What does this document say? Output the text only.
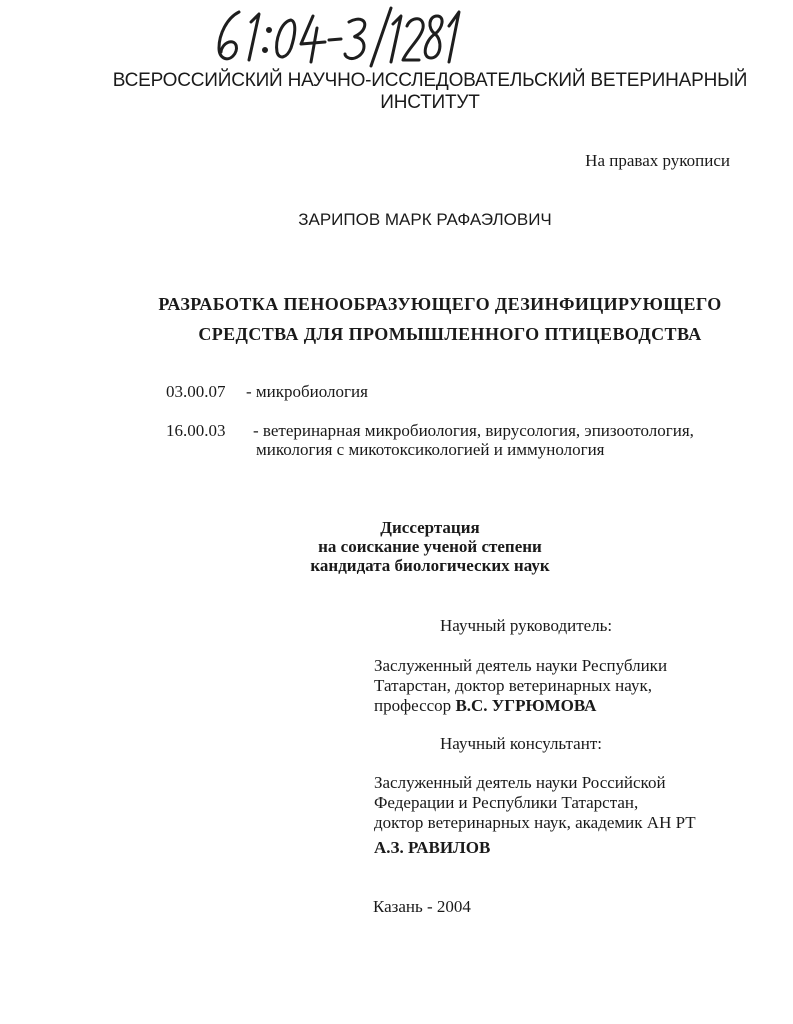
ВСЕРОССИЙСКИЙ НАУЧНО-ИССЛЕДОВАТЕЛЬСКИЙ ВЕТЕРИНАРНЫЙ ИНСТИТУТ
На правах рукописи
ЗАРИПОВ МАРК РАФАЭЛОВИЧ
РАЗРАБОТКА ПЕНООБРАЗУЮЩЕГО ДЕЗИНФИЦИРУЮЩЕГО
СРЕДСТВА ДЛЯ ПРОМЫШЛЕННОГО ПТИЦЕВОДСТВА
03.00.07 - микробиология
16.00.03 - ветеринарная микробиология, вирусология, эпизоотология,
микология с микотоксикологией и иммунология
Диссертация
на соискание ученой степени
кандидата биологических наук
Научный руководитель:
Заслуженный деятель науки Республики
Татарстан, доктор ветеринарных наук,
профессор В.С. УГРЮМОВА
Научный консультант:
Заслуженный деятель науки Российской
Федерации и Республики Татарстан,
доктор ветеринарных наук, академик АН РТ
А.З. РАВИЛОВ
Казань - 2004
